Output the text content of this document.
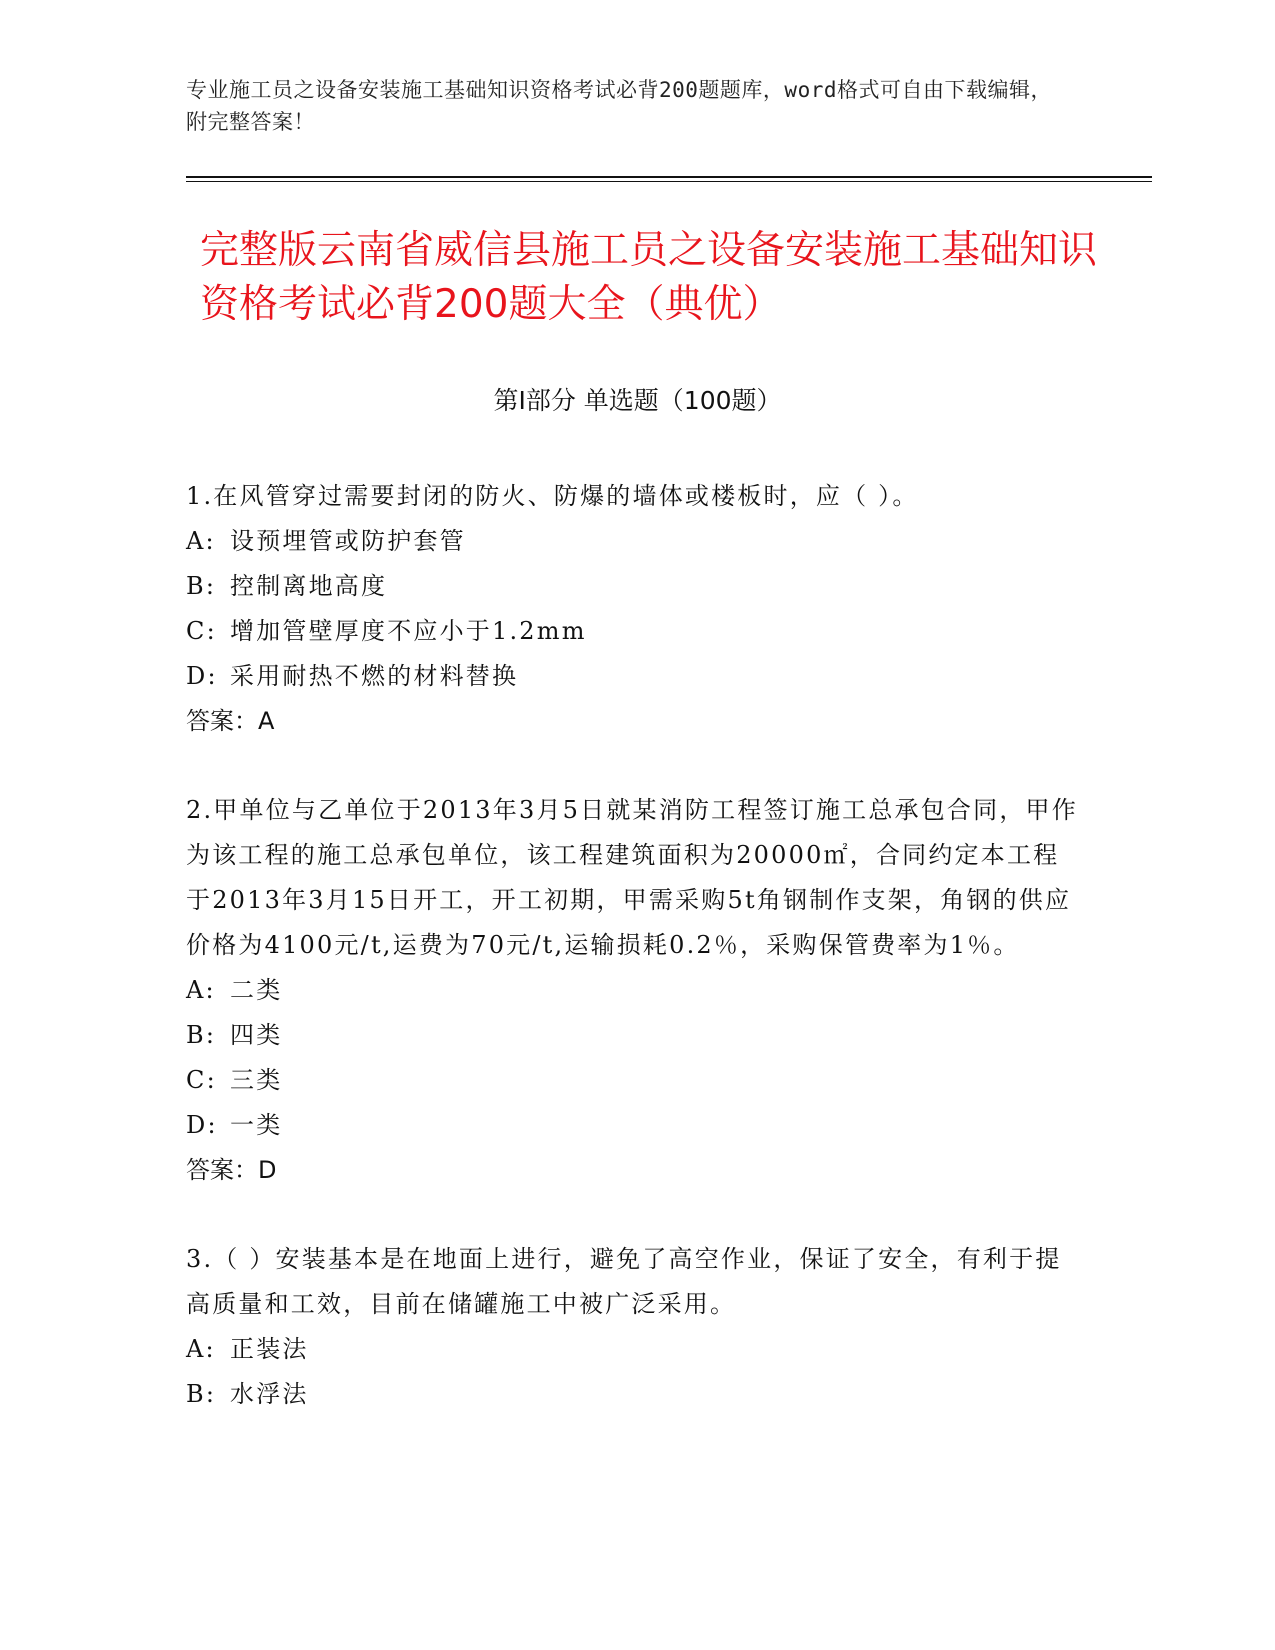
专业施工员之设备安装施工基础知识资格考试必背200题题库，word格式可自由下载编辑，附完整答案！
完整版云南省威信县施工员之设备安装施工基础知识资格考试必背200题大全（典优）
第Ⅰ部分 单选题（100题）

1.在风管穿过需要封闭的防火、防爆的墙体或楼板时，应（ ）。

A: 设预埋管或防护套管

B: 控制离地高度

C: 增加管壁厚度不应小于1.2mm

D: 采用耐热不燃的材料替换

答案：A

2.甲单位与乙单位于2013年3月5日就某消防工程签订施工总承包合同，甲作为该工程的施工总承包单位，该工程建筑面积为20000㎡，合同约定本工程于2013年3月15日开工，开工初期，甲需采购5t角钢制作支架，角钢的供应价格为4100元/t,运费为70元/t,运输损耗0.2％，采购保管费率为1％。

A: 二类

B: 四类

C: 三类

D: 一类

答案：D

3.（ ）安装基本是在地面上进行，避免了高空作业，保证了安全，有利于提高质量和工效，目前在储罐施工中被广泛采用。

A: 正装法

B: 水浮法
